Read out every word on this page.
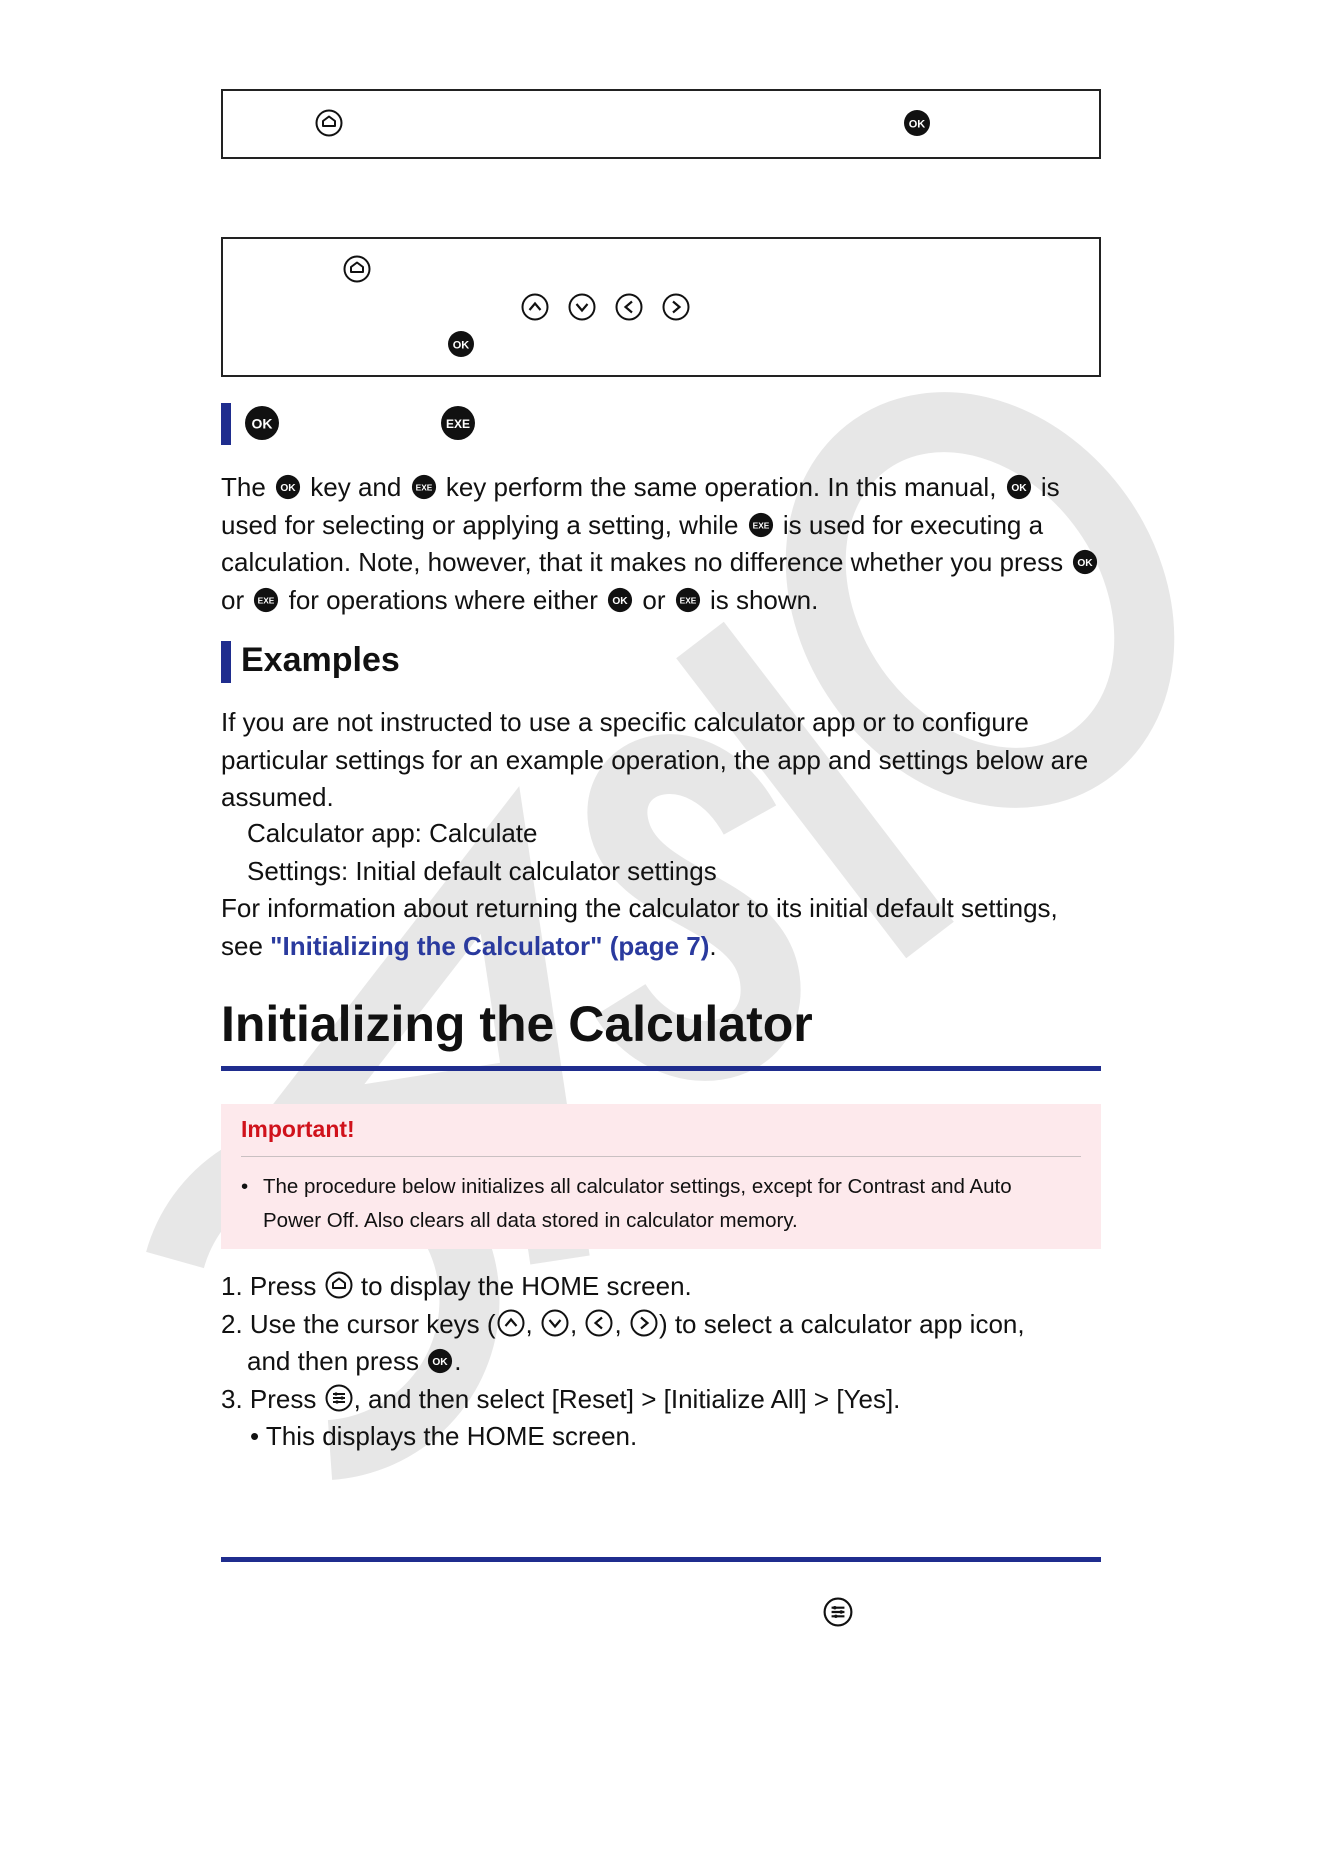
OK
OK
OK	EXE

The OK key and EXE key perform the same operation. In this manual, OK is used for selecting or applying a setting, while EXE is used for executing a calculation. Note, however, that it makes no difference whether you press OK
or EXE for operations where either OK or EXE is shown.

Examples

If you are not instructed to use a specific calculator app or to configure particular settings for an example operation, the app and settings below are assumed.

Calculator app: Calculate

Settings: Initial default calculator settings

For information about returning the calculator to its initial default settings, see "Initializing the Calculator" (page 7).

Initializing the Calculator
Important!
• The procedure below initializes all calculator settings, except for Contrast and Auto Power Off. Also clears all data stored in calculator memory.

1. Press to display the HOME screen.

2. Use the cursor keys ( , , , ) to select a calculator app icon,

and then press OK .

3. Press , and then select [Reset] > [Initialize All] > [Yes].

• This displays the HOME screen.
